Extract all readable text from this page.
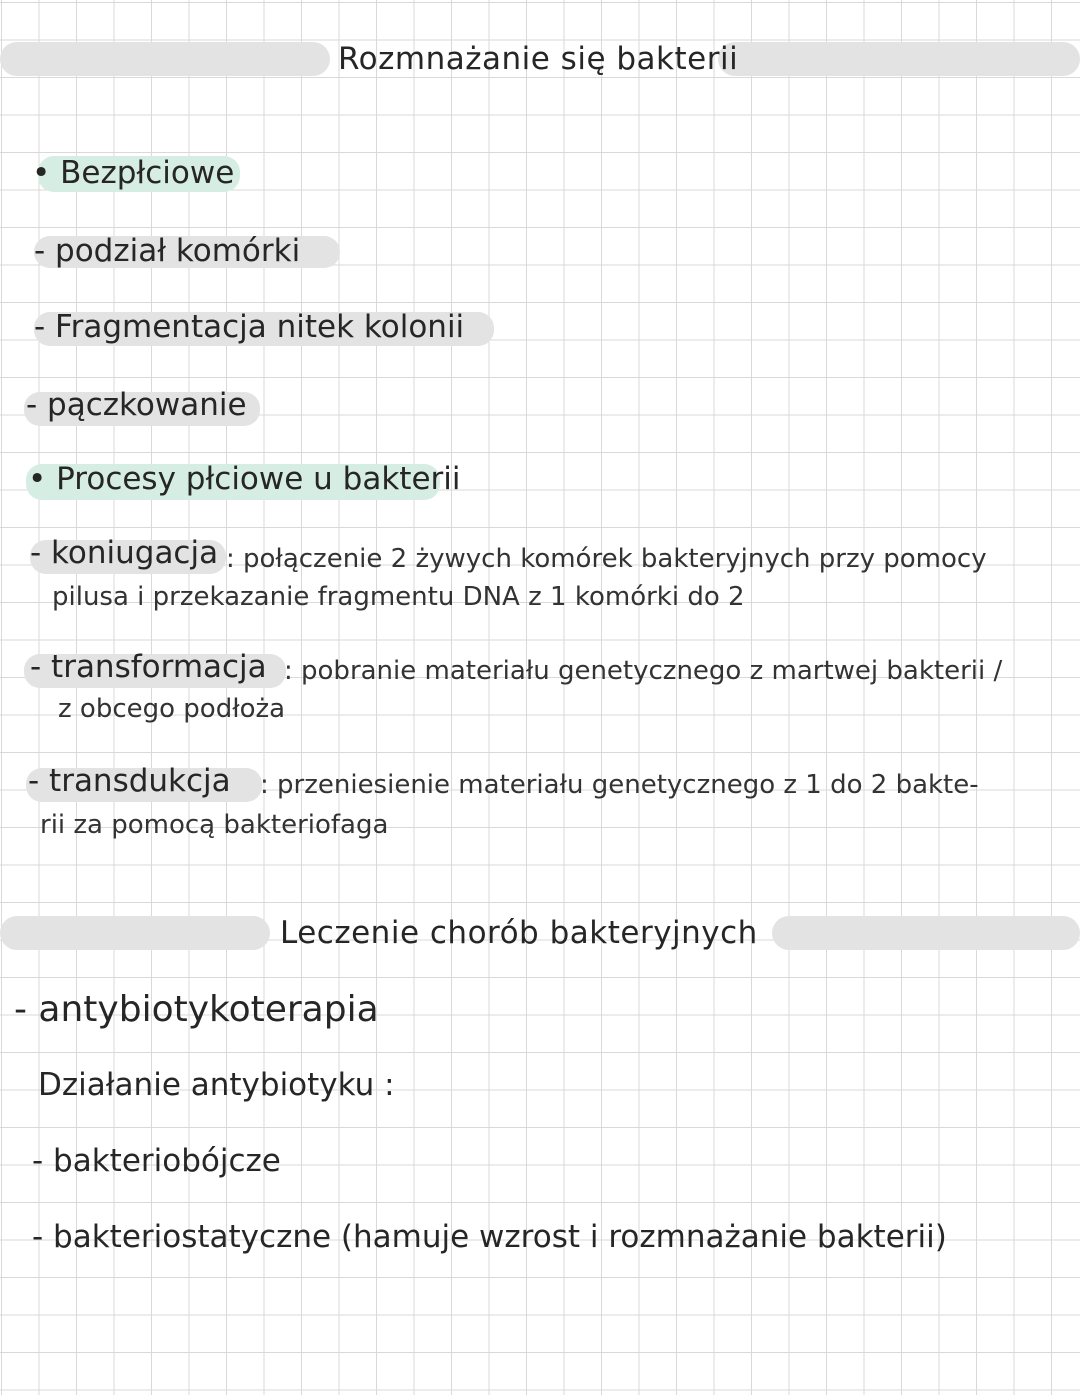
Rozmnażanie się bakterii
• Bezpłciowe
- podział komórki
- Fragmentacja nitek kolonii
- pączkowanie
• Procesy płciowe u bakterii
- koniugacja : połączenie 2 żywych komórek bakteryjnych przy pomocy
pilusa i przekazanie fragmentu DNA z 1 komórki do 2
- transformacja : pobranie materiału genetycznego z martwej bakterii /
z obcego podłoża
- transdukcja : przeniesienie materiału genetycznego z 1 do 2 bakte-
rii za pomocą bakteriofaga
Leczenie chorób bakteryjnych
- antybiotykoterapia
Działanie antybiotyku :
- bakteriobójcze
- bakteriostatyczne (hamuje wzrost i rozmnażanie bakterii)
